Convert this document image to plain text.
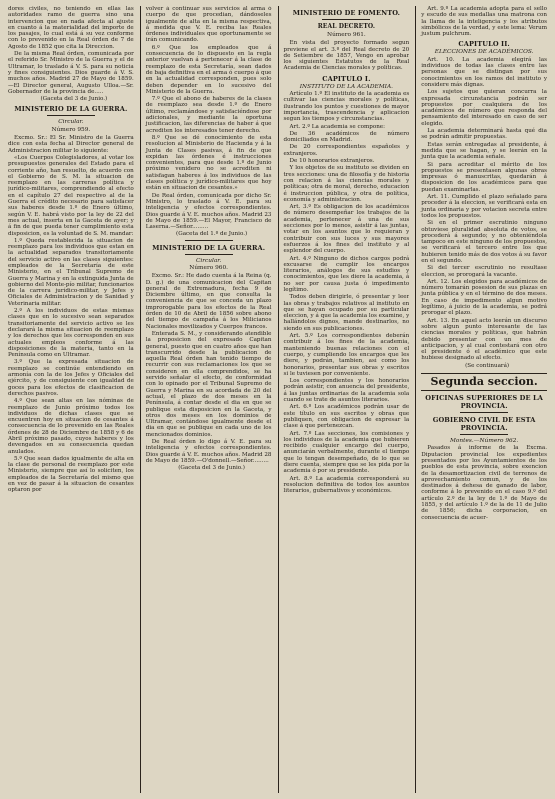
dores civiles, no teniendo en ellas las autoridades ramo de guerra sino una intervencion que en nada afecta al ajuste en cuanto á la materialidad del importe de los pasajes, lo cual está á su vez conforme con lo prevenido en la Real órden de 7 de Agosto de 1852 que cita la Direccion.

De la misma Real órden, comunicada por el referido Sr. Ministro de la Guerra y el de Ultramar, lo traslado á V. S. para su noticia y fines consiguientes. Dios guarde á V. S. muchos años. Madrid 27 de Mayo de 1859.—El Director general, Augusto Ulloa.—Sr. Gobernador de la provincia de.....

(Gaceta del 3 de Junio.)

MINISTERIO DE LA GUERRA.
Circular.
Número 959.

Excmo. Sr.: El Sr. Ministro de la Guerra dice con esta fecha al Director general de Administracion militar lo siguiente:

«Los Cuerpos Colegisladores, al votar los presupuestos generales del Estado para el corriente año, han resuelto, de acuerdo con el Gobierno de S. M. la situacion de reemplazo en las carreras política y jurídico-militares, comprendiendo al efecto en el capítulo 27 del respectivo al de la Guerra el crédito necesario para satisfacer sus haberes desde 1.º de Enero último, según V. E. habrá visto por la ley de 22 del mes actual, inserta en la Gaceta de ayer; y á fin de que pueda tener cumplimiento esta disposicion, es la voluntad de S. M. mandar:

1.º Queda restablecida la situacion de reemplazo para los individuos que estan en la actualidad separados transitoriamente del servicio activo en las clases siguientes: empleados de la Secretaría de este Ministerio, en el Tribunal Supremo de Guerra y Marina y en la extinguida Junta de gobierno del Monte-pío militar, funcionarios de la carrera jurídico-militar, y Jefes y Oficiales de Administracion y de Sanidad y Veterinaria militar.

2.º A los individuos de estas mismas clases que en lo sucesivo sean separados transitoriamente del servicio activo se les declarará la misma situacion de reemplazo y los derechos que les corresponden en sus actuales empleos conforme á las disposiciones de la materia, tanto en la Península como en Ultramar.

3.º Que la expresada situacion de reemplazo se continúe entendiendo en armonía con la de los Jefes y Oficiales del ejército, y de consiguiente con igualdad de goces para los efectos de clasificacion de derechos pasivos.

4.º Que sean altas en las nóminas de reemplazo de Junio próximo todos los individuos de dichas clases que se encuentren hoy en situacion de cesantes á consecuencia de lo prevenido en las Reales órdenes de 28 de Diciembre de 1858 y 6 de Abril próximo pasado, cuyos haberes y los devengados en su consecuencia quedan anulados.

5.º Que sean dados igualmente de alta en la clase de personal de reemplazo por este Ministerio, siempre que así lo soliciten, los empleados de la Secretaría del mismo que en vez de pasar á la situacion de cesantes optaron por

volver á continuar sus servicios al arma ó cuerpo de que procedian, dándoseles igualmente de alta en la misma respectiva, á medida que V. E. reciba las Reales órdenes individuales que oportunamente se irán comunicando.

6.º Que los empleados que á consecuencia de lo dispuesto en la regla anterior vuelvan á pertenecer á la clase de reemplazo de esta Secretaría, sean dados de baja definitiva en el arma ó cuerpo á que en la actualidad corresponden, pues solo deben depender en lo sucesivo del Ministerio de la Guerra.

7.º Que el abono de haberes de la clases de reemplazo sea desde 1.º de Enero último, reclamándose y satisfaciéndose por adicionales, y mediante la oportuna justificacion, las diferencias de haber á que acrediten los interesados tener derecho.

8.º Que se dé conocimiento de esta resolucion al Ministerio de Hacienda y á la Junta de Clases pasivas, á fin de que expidan las órdenes é instrucciones convenientes, para que desde 1.º de Junio próximo venidero no se acrediten ni satisfagan haberes á los individuos de las clases política y jurídico-militares que hoy están en situacion de cesantes.»

De Real órden, comunicada por dicho Sr. Ministro, lo traslado á V. E. para su inteligencia y efectos correspondientes. Dios guarde á V. E. muchos años. Madrid 23 de Mayo de 1859.—El Mayor, Francisco de Laserna.—Señor.........

(Gaceta del 1.º de Junio.)

MINISTERIO DE LA GUERRA.
Circular.
Número 960.

Excmo. Sr.: He dado cuenta á la Reina (q. D. g.) de una comunicacion del Capitan general de Extremadura, fecha 9 de Diciembre último, en que consulta la conveniencia de que se conceda un plazo improrogable para los efectos de la Real órden de 10 de Abril de 1856 sobre abono del tiempo de campaña á los Milicianos Nacionales movilizados y Cuerpos francos.

Enterada S. M., y considerando atendible la proposicion del expresado Capitan general, puesto que en cuatro años que han transcurrido desde la publicacion de aquella Real órden han tenido tiempo de recurrir con sus reclamaciones los que se consideren en ella comprendidos, se ha servido señalar el efecto, de conformidad con lo opinado por el Tribunal Supremo de Guerra y Marina en su acordada de 20 del actual, el plazo de dos meses en la Península, á contar desde el dia en que se publique esta disposicion en la Gaceta, y otros dos meses en los dominios de Ultramar, contándose igualmente desde el dia en que se publique en cada uno de los mencionados dominios.

De Real órden lo digo á V. E. para su inteligencia y efectos correspondientes. Dios guarde á V. E. muchos años. Madrid 28 de Mayo de 1859.—O'donnell.—Señor.........

(Gaceta del 3 de Junio.)

MINISTERIO DE FOMENTO.
REAL DECRETO.
Número 961.

En vista del proyecto formado segun previene el art. 3.º del Real decreto de 20 de Setiembre de 1857, Vengo en aprobar los siguientes Estatutos de la Real Academia de Ciencias morales y políticas.

CAPITULO I.
INSTITUTO DE LA ACADEMIA.

Artículo 1.º El instituto de la academia es cultivar las ciencias morales y políticas, ilustrando los puntos y cuestiones de mayor importancia, trascendencia y aplicacion segun los tiempos y circunstancias.

Art. 2.º La academia se compone:

De 36 académicos de número domiciliados en Madrid.

De 20 correspondientes españoles y extranjeros.

De 10 honorarios extranjeros.

Y los objetos de su instituto se dividen en tres secciones: una de filosofía y de historia con relacion á las ciencias morales y políticas; otra de moral, derecho, educacion é instruccion pública, y otra de política, economía y administracion.

Art. 3.º Es obligacion de los académicos de número desempeñar los trabajos de la academia, pertenecer á una de sus secciones por lo menos, asistir á las juntas, votar en los asuntos que lo requieran y contribuir con sus luces y sus mayores esfuerzos á los fines del instituto y al esplendor del cuerpo.

Art. 4.º Ninguno de dichos cargos podrá excusarse de cumplir los encargos literarios, análogos de sus estudios y conocimientos, que les diere la academia, á no ser por causa justa ó impedimento legítimo.

Todos deben dirigirle, ó presentar y leer las obras y trabajos relativos al instituto en que se hayan ocupado por su particular eleccion, y á que la academia los examine, y hallándolos dignos, mande destinarlos, no siendo en sus publicaciones.

Art. 5.º Los correspondientes deberán contribuir á los fines de la academia, manteniendo buenas relaciones con el cuerpo, y cumpliendo los encargos que les diere, y podrán, tambien, así como los honorarios, presentar sus obras y escritos si le tuviesen por conveniente.

Los correspondientes y los honorarios podrán asistir, con anuencia del presidente, á las juntas ordinarias de la academia sola cuando se trate de asuntos literarios.

Art. 6.º Los académicos podrán usar de este título en sus escritos y obras que publiquen, con obligacion de expresar la clase á que pertenezcan.

Art. 7.º Las secciones, los comisiones y los individuos de la academia que hubieren recibido cualquier encargo del cuerpo, anunciarán verbalmente, durante el tiempo que lo tengan desempeñado, de lo que se diere cuenta, siempre que se les pida por la academia ó por su presidente.

Art. 8.º La academia corresponderá su resolucion definitiva de todos los asuntos literarios, gubernativos y económicos.

Art. 9.º La academia adopta para el sello y escudo de sus medallas una matrona con la llama de la inteligencia y los atributos simbólicos de la verdad, y este lema: Verum justum pulchrum.

CAPITULO II.
ELECCIONES DE ACADÉMICOS.

Art. 10. La academia elegirá las individuos de todas las clases entre las personas que se distingan por sus conocimientos en los ramos del instituto y considere más dignas.

Los sujetos que quieran concurra la expresada circunstancia podrán ser propuestos por cualquiera de los académicos de número que responda del pensamiento del interesado en caso de ser elegido.

La academia determinará hasta qué dia se podrán admitir propuestas.

Estas serán entregadas al presidente, á medida que se hagan, y se leerán en la junta que la academia señale.

Si para acreditar el mérito de los propuestos se presentasen algunas obras impresas ó manuscritas, quedarán á disposicion de los académicos para que puedan examinarlas.

Art. 11. Cumplido el plazo señalado para proceder á la eleccion, se verificará esta en junta ordinaria y por votacion secreta entre todos los propuestos.

Si en el primer escrutinio ninguno obtuviese pluralidad absoluta de votos, se procederá á segundo; y no obteniéndola tampoco en este ninguno de los propuestos, se verificará el tercero entre los que hubieren tenido más de dos votos á su favor en el segundo.

Si del tercer escrutinio no resultase eleccion, se prorogará la vacante.

Art. 12. Los elegidos para académicos de número tomarán posesion de sus plazas en junta pública y en el término de dos meses. En caso de impedimento algun motivo legítimo, á juicio de la academia, se podrá prorogar el plazo.

Art. 13. En aquel acto leerán un discurso sobre algun punto interesante de las ciencias morales y políticas, que habrán debido presentar con un mes de anticipacion, y al cual contestará con otro el presidente ó el académico que este hubiese designado al efecto.

(Se continuará)

Segunda seccion.
OFICINAS SUPERIORES DE LA PROVINCIA.
GOBIERNO CIVIL DE ESTA PROVINCIA.
Montes.—Número 962.

Pasados á informe de la Excma. Diputacion provincial los expedientes presentados por los Ayuntamientos de los pueblos de esta provincia, sobre exencion de la desamortizacion civil de terrenos de aprovechamiento comun, y de los destinados á dehesa de ganado de labor, conforme á lo prevenido en el caso 9.º del artículo 2.º de la ley de 1.º de Mayo de 1855, y del artículo 1.º de la de 11 de Julio de 1856; dicha corporacion, en consecuencia de acuer-
